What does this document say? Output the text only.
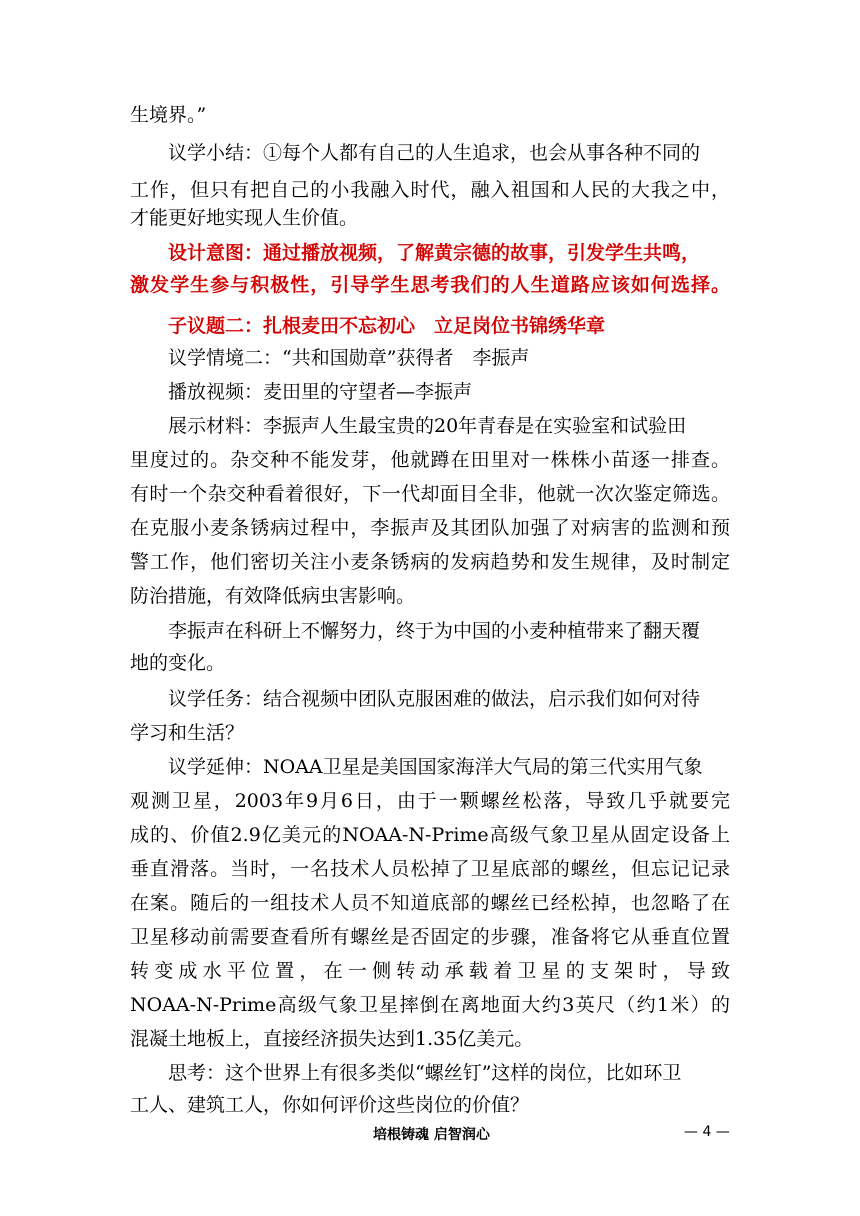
生境界。”
议学小结：①每个人都有自己的人生追求，也会从事各种不同的
工作，但只有把自己的小我融入时代，融入祖国和人民的大我之中，
才能更好地实现人生价值。
设计意图：通过播放视频，了解黄宗德的故事，引发学生共鸣，
激发学生参与积极性，引导学生思考我们的人生道路应该如何选择。
子议题二：扎根麦田不忘初心　立足岗位书锦绣华章
议学情境二：“共和国勋章”获得者　李振声
播放视频：麦田里的守望者—李振声
展示材料：李振声人生最宝贵的20年青春是在实验室和试验田
里度过的。杂交种不能发芽，他就蹲在田里对一株株小苗逐一排查。
有时一个杂交种看着很好，下一代却面目全非，他就一次次鉴定筛选。
在克服小麦条锈病过程中，李振声及其团队加强了对病害的监测和预
警工作，他们密切关注小麦条锈病的发病趋势和发生规律，及时制定
防治措施，有效降低病虫害影响。
李振声在科研上不懈努力，终于为中国的小麦种植带来了翻天覆
地的变化。
议学任务：结合视频中团队克服困难的做法，启示我们如何对待
学习和生活？
议学延伸：NOAA卫星是美国国家海洋大气局的第三代实用气象
观测卫星，2003年9月6日，由于一颗螺丝松落，导致几乎就要完
成的、价值2.9亿美元的NOAA-N-Prime高级气象卫星从固定设备上
垂直滑落。当时，一名技术人员松掉了卫星底部的螺丝，但忘记记录
在案。随后的一组技术人员不知道底部的螺丝已经松掉，也忽略了在
卫星移动前需要查看所有螺丝是否固定的步骤，准备将它从垂直位置
转变成水平位置，在一侧转动承载着卫星的支架时，导致
NOAA-N-Prime高级气象卫星摔倒在离地面大约3英尺（约1米）的
混凝土地板上，直接经济损失达到1.35亿美元。
思考：这个世界上有很多类似“螺丝钉”这样的岗位，比如环卫
工人、建筑工人，你如何评价这些岗位的价值？
培根铸魂 启智润心	— 4 —
